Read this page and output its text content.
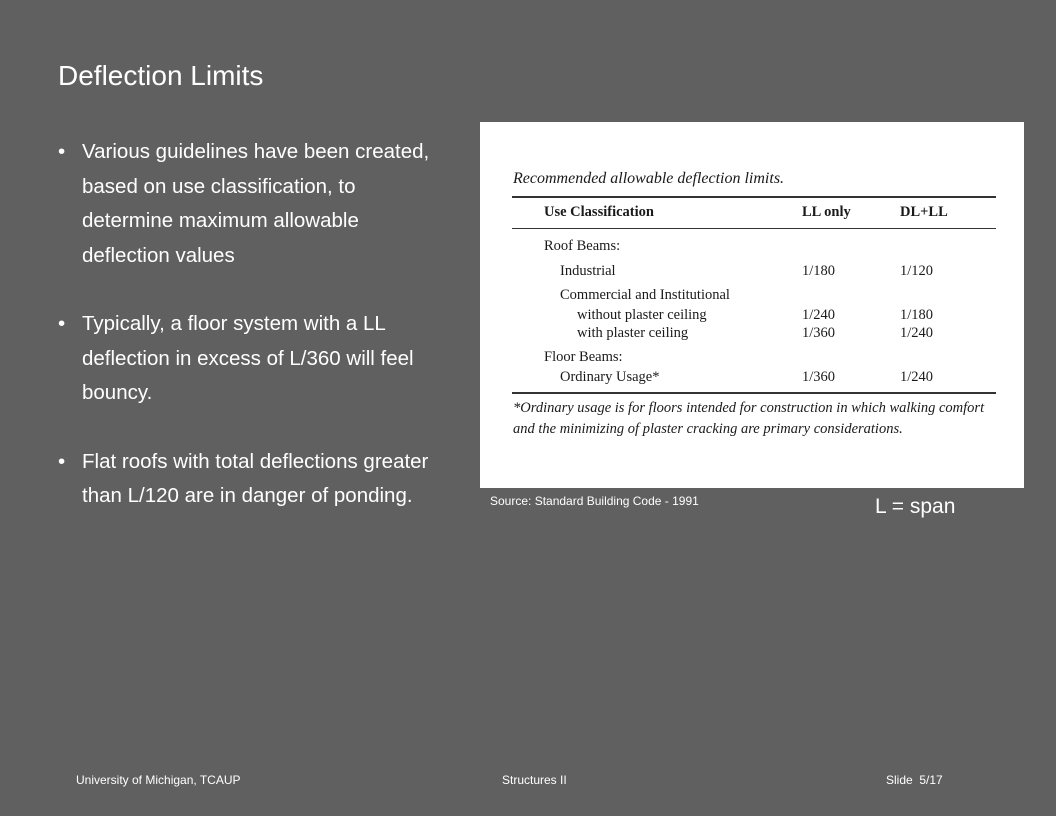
Deflection Limits
• Various guidelines have been created, based on use classification, to determine maximum allowable deflection values
• Typically, a floor system with a LL deflection in excess of L/360 will feel bouncy.
• Flat roofs with total deflections greater than L/120 are in danger of ponding.
Recommended allowable deflection limits.
Use Classification	LL only	DL+LL
Roof Beams:
Industrial	1/180	1/120
Commercial and Institutional
without plaster ceiling	1/240	1/180
with plaster ceiling	1/360	1/240
Floor Beams:
Ordinary Usage*	1/360	1/240
*Ordinary usage is for floors intended for construction in which walking comfort and the minimizing of plaster cracking are primary considerations.
Source: Standard Building Code - 1991	L = span
University of Michigan, TCAUP	Structures II	Slide  5/17
